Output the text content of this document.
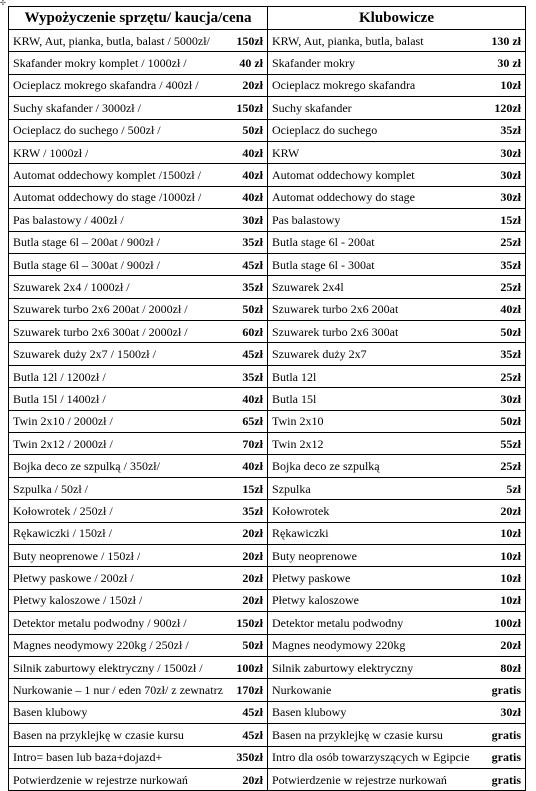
✣
Wypożyczenie sprzętu/ kaucja/cena	Klubowicze

KRW, Aut, pianka, butla, balast / 5000zł/ 150zł	KRW, Aut, pianka, butla, balast 130 zł

Skafander mokry komplet / 1000zł / 40 zł	Skafander mokry 30 zł

Ocieplacz mokrego skafandra / 400zł / 20zł	Ocieplacz mokrego skafandra 10zł

Suchy skafander / 3000zł / 150zł	Suchy skafander 120zł

Ocieplacz do suchego / 500zł / 50zł	Ocieplacz do suchego 35zł

KRW / 1000zł / 40zł	KRW 30zł

Automat oddechowy komplet /1500zł / 40zł	Automat oddechowy komplet 30zł

Automat oddechowy do stage /1000zł / 40zł	Automat oddechowy do stage 30zł

Pas balastowy / 400zł / 30zł	Pas balastowy 15zł

Butla stage 6l – 200at / 900zł / 35zł	Butla stage 6l - 200at 25zł

Butla stage 6l – 300at / 900zł / 45zł	Butla stage 6l - 300at 35zł

Szuwarek 2x4 / 1000zł / 35zł	Szuwarek 2x4l 25zł

Szuwarek turbo 2x6 200at / 2000zł / 50zł	Szuwarek turbo 2x6 200at 40zł

Szuwarek turbo 2x6 300at / 2000zł / 60zł	Szuwarek turbo 2x6 300at 50zł

Szuwarek duży 2x7 / 1500zł / 45zł	Szuwarek duży 2x7 35zł

Butla 12l / 1200zł / 35zł	Butla 12l 25zł

Butla 15l / 1400zł / 40zł	Butla 15l 30zł

Twin 2x10 / 2000zł / 65zł	Twin 2x10 50zł

Twin 2x12 / 2000zł / 70zł	Twin 2x12 55zł

Bojka deco ze szpulką / 350zł/ 40zł	Bojka deco ze szpulką 25zł

Szpulka / 50zł / 15zł	Szpulka 5zł

Kołowrotek / 250zł / 35zł	Kołowrotek 20zł

Rękawiczki / 150zł / 20zł	Rękawiczki 10zł

Buty neoprenowe / 150zł / 20zł	Buty neoprenowe 10zł

Płetwy paskowe / 200zł / 20zł	Płetwy paskowe 10zł

Płetwy kaloszowe / 150zł / 20zł	Płetwy kaloszowe 10zł

Detektor metalu podwodny / 900zł / 150zł	Detektor metalu podwodny 100zł

Magnes neodymowy 220kg / 250zł / 50zł	Magnes neodymowy 220kg 20zł

Silnik zaburtowy elektryczny / 1500zł / 100zł	Silnik zaburtowy elektryczny 80zł

Nurkowanie – 1 nur / eden 70zł/ z zewnatrz 170zł	Nurkowanie gratis

Basen klubowy 45zł	Basen klubowy 30zł

Basen na przyklejkę w czasie kursu 45zł	Basen na przyklejkę w czasie kursu gratis

Intro= basen lub baza+dojazd+ 350zł	Intro dla osób towarzyszących w Egipcie gratis

Potwierdzenie w rejestrze nurkowań 20zł	Potwierdzenie w rejestrze nurkowań gratis
